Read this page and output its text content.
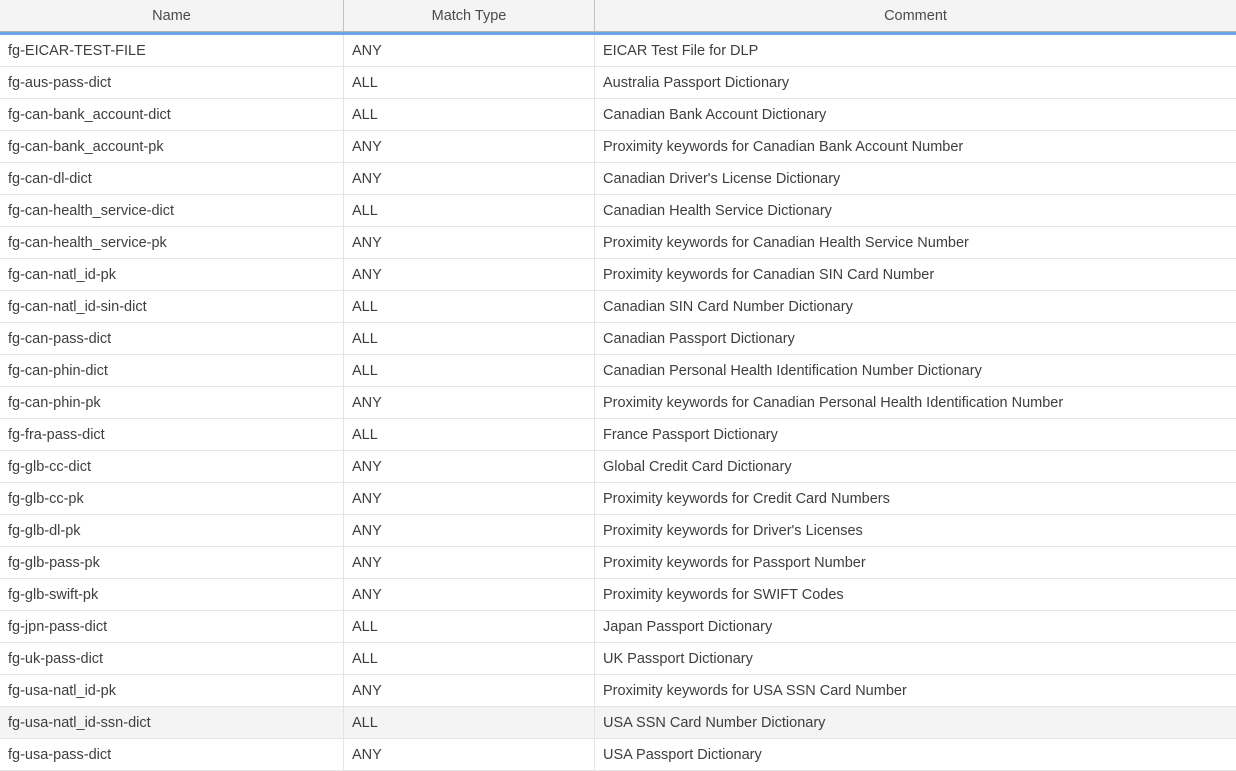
Name	Match Type	Comment
fg-EICAR-TEST-FILE	ANY	EICAR Test File for DLP
fg-aus-pass-dict	ALL	Australia Passport Dictionary
fg-can-bank_account-dict	ALL	Canadian Bank Account Dictionary
fg-can-bank_account-pk	ANY	Proximity keywords for Canadian Bank Account Number
fg-can-dl-dict	ANY	Canadian Driver's License Dictionary
fg-can-health_service-dict	ALL	Canadian Health Service Dictionary
fg-can-health_service-pk	ANY	Proximity keywords for Canadian Health Service Number
fg-can-natl_id-pk	ANY	Proximity keywords for Canadian SIN Card Number
fg-can-natl_id-sin-dict	ALL	Canadian SIN Card Number Dictionary
fg-can-pass-dict	ALL	Canadian Passport Dictionary
fg-can-phin-dict	ALL	Canadian Personal Health Identification Number Dictionary
fg-can-phin-pk	ANY	Proximity keywords for Canadian Personal Health Identification Number
fg-fra-pass-dict	ALL	France Passport Dictionary
fg-glb-cc-dict	ANY	Global Credit Card Dictionary
fg-glb-cc-pk	ANY	Proximity keywords for Credit Card Numbers
fg-glb-dl-pk	ANY	Proximity keywords for Driver's Licenses
fg-glb-pass-pk	ANY	Proximity keywords for Passport Number
fg-glb-swift-pk	ANY	Proximity keywords for SWIFT Codes
fg-jpn-pass-dict	ALL	Japan Passport Dictionary
fg-uk-pass-dict	ALL	UK Passport Dictionary
fg-usa-natl_id-pk	ANY	Proximity keywords for USA SSN Card Number
fg-usa-natl_id-ssn-dict	ALL	USA SSN Card Number Dictionary
fg-usa-pass-dict	ANY	USA Passport Dictionary
